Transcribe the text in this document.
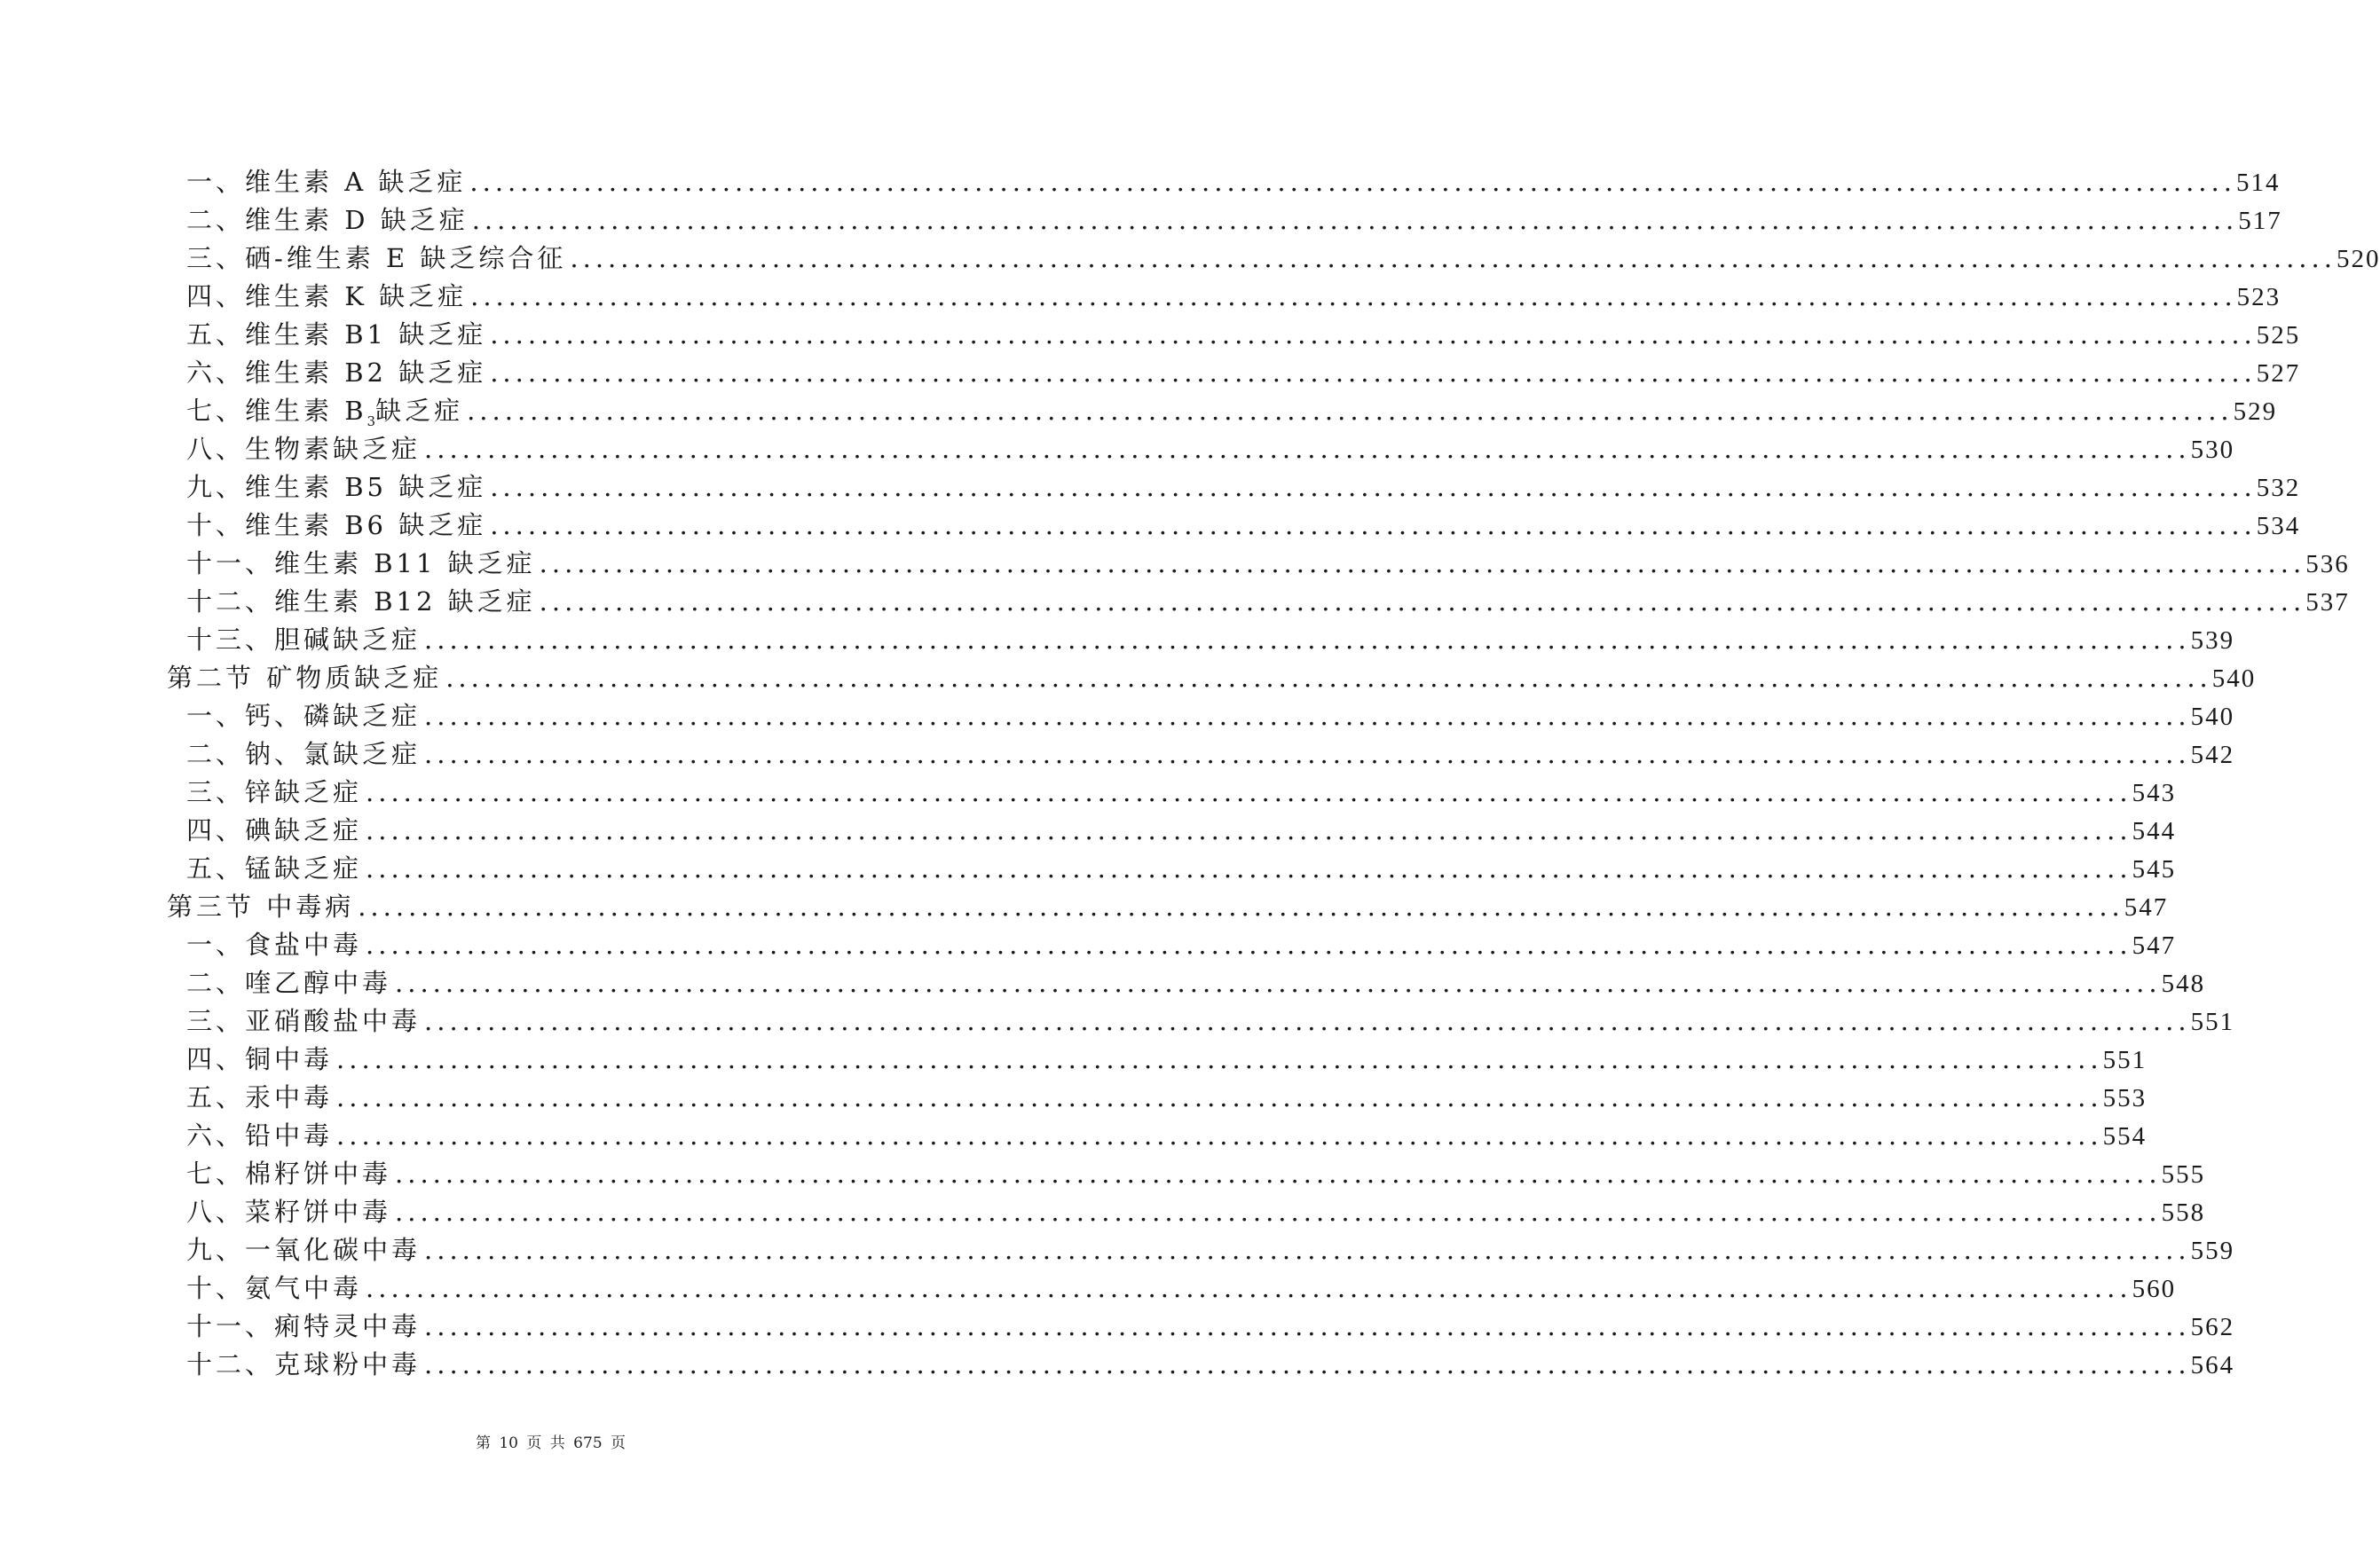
一、维生素 A 缺乏症 ............................................................................................................................................ 514
二、维生素 D 缺乏症 ............................................................................................................................................ 517
三、硒-维生素 E 缺乏综合征 ............................................................................................................................................ 520
四、维生素 K 缺乏症 ............................................................................................................................................ 523
五、维生素 B1 缺乏症 ............................................................................................................................................ 525
六、维生素 B2 缺乏症 ............................................................................................................................................ 527
七、维生素 $B_3$缺乏症 ............................................................................................................................................ 529
八、生物素缺乏症 ............................................................................................................................................ 530
九、维生素 B5 缺乏症 ............................................................................................................................................ 532
十、维生素 B6 缺乏症 ............................................................................................................................................ 534
十一、维生素 B11 缺乏症 ............................................................................................................................................ 536
十二、维生素 B12 缺乏症 ............................................................................................................................................ 537
十三、胆碱缺乏症 ............................................................................................................................................ 539
第二节 矿物质缺乏症 ............................................................................................................................................ 540
一、钙、磷缺乏症 ............................................................................................................................................ 540
二、钠、氯缺乏症 ............................................................................................................................................ 542
三、锌缺乏症 ............................................................................................................................................ 543
四、碘缺乏症 ............................................................................................................................................ 544
五、锰缺乏症 ............................................................................................................................................ 545
第三节 中毒病 ............................................................................................................................................ 547
一、食盐中毒 ............................................................................................................................................ 547
二、喹乙醇中毒 ............................................................................................................................................ 548
三、亚硝酸盐中毒 ............................................................................................................................................ 551
四、铜中毒 ............................................................................................................................................ 551
五、汞中毒 ............................................................................................................................................ 553
六、铅中毒 ............................................................................................................................................ 554
七、棉籽饼中毒 ............................................................................................................................................ 555
八、菜籽饼中毒 ............................................................................................................................................ 558
九、一氧化碳中毒 ............................................................................................................................................ 559
十、氨气中毒 ............................................................................................................................................ 560
十一、痢特灵中毒 ............................................................................................................................................ 562
十二、克球粉中毒 ............................................................................................................................................ 564
第 10 页 共 675 页
